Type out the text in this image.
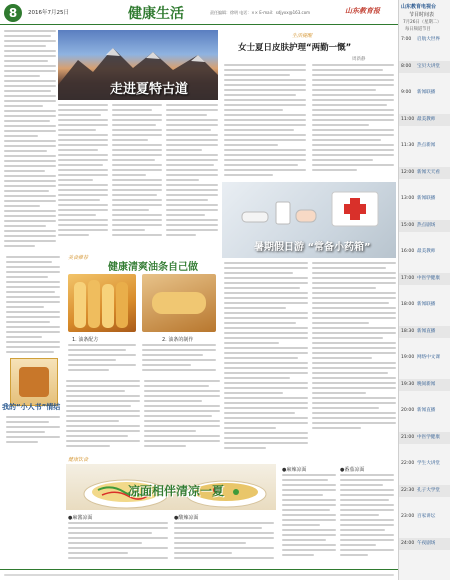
8	2016年7月25日	健康生活	责任编辑：徐明 电话：×× E-mail：sdjyxx@163.com	山东教育报
走进夏特古道
生活提醒
女士夏日皮肤护理“两勤一慨”
周新静
暑期假日游 “常备小药箱”
我的“小人书”情结
美食推荐
健康清爽油条自己做
1. 油条配方	2. 油条的制作
健康饮食
凉面相伴清凉一夏
●麻辣凉面	●番茄凉面
●麻酱凉面	●酸辣凉面
山东教育电视台
节目时间表
7月26日（星期二）
每日频道节目
7:00 启航大世界
8:00 宝贝大讲堂
9:00 新闻联播
11:00 最美教师
11:30 热点新闻
12:00 新闻天天看
13:00 新闻联播
15:00 热点剧场
16:00 最美教师
17:00 中医学健康
18:00 新闻联播
18:30 新闻直播
19:00 网络中文课
19:30 晚间新闻
20:00 新闻直播
21:00 中医学健康
22:00 学生大讲堂
22:30 孔子大学堂
23:00 百家讲坛
24:00 午夜剧场
